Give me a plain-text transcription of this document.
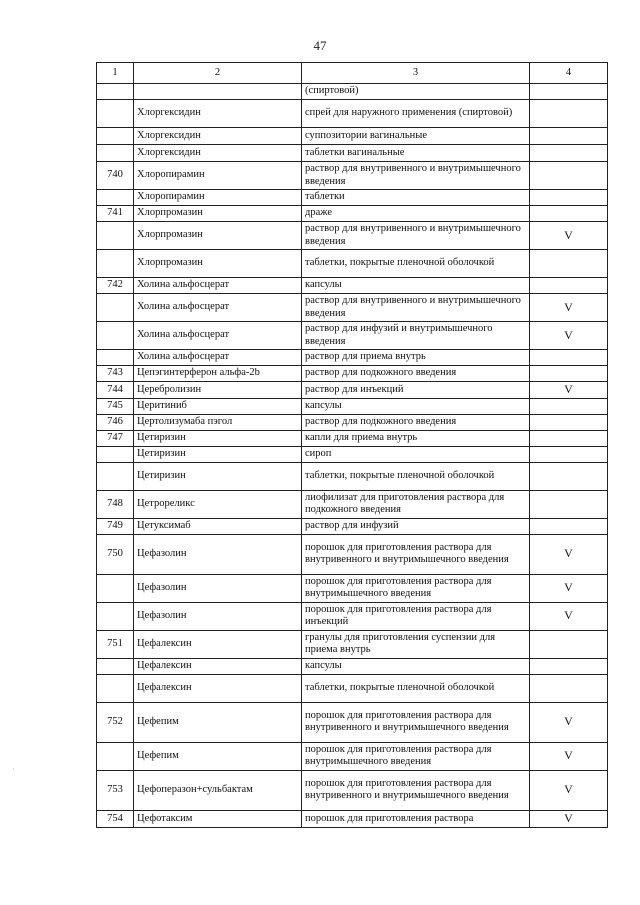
47
1	2	3	4
		(спиртовой)	
	Хлоргексидин	спрей для наружного применения (спиртовой)	
	Хлоргексидин	суппозитории вагинальные	
	Хлоргексидин	таблетки вагинальные	
740	Хлоропирамин	раствор для внутривенного и внутримышечного введения	
	Хлоропирамин	таблетки	
741	Хлорпромазин	драже	
	Хлорпромазин	раствор для внутривенного и внутримышечного введения	V
	Хлорпромазин	таблетки, покрытые пленочной оболочкой	
742	Холина альфосцерат	капсулы	
	Холина альфосцерат	раствор для внутривенного и внутримышечного введения	V
	Холина альфосцерат	раствор для инфузий и внутримышечного введения	V
	Холина альфосцерат	раствор для приема внутрь	
743	Цепэгинтерферон альфа-2b	раствор для подкожного введения	
744	Церебролизин	раствор для инъекций	V
745	Церитиниб	капсулы	
746	Цертолизумаба пэгол	раствор для подкожного введения	
747	Цетиризин	капли для приема внутрь	
	Цетиризин	сироп	
	Цетиризин	таблетки, покрытые пленочной оболочкой	
748	Цетрореликс	лиофилизат для приготовления раствора для подкожного введения	
749	Цетуксимаб	раствор для инфузий	
750	Цефазолин	порошок для приготовления раствора для внутривенного и внутримышечного введения	V
	Цефазолин	порошок для приготовления раствора для внутримышечного введения	V
	Цефазолин	порошок для приготовления раствора для инъекций	V
751	Цефалексин	гранулы для приготовления суспензии для приема внутрь	
	Цефалексин	капсулы	
	Цефалексин	таблетки, покрытые пленочной оболочкой	
752	Цефепим	порошок для приготовления раствора для внутривенного и внутримышечного введения	V
	Цефепим	порошок для приготовления раствора для внутримышечного введения	V
753	Цефоперазон+сульбактам	порошок для приготовления раствора для внутривенного и внутримышечного введения	V
754	Цефотаксим	порошок для приготовления раствора	V
·
